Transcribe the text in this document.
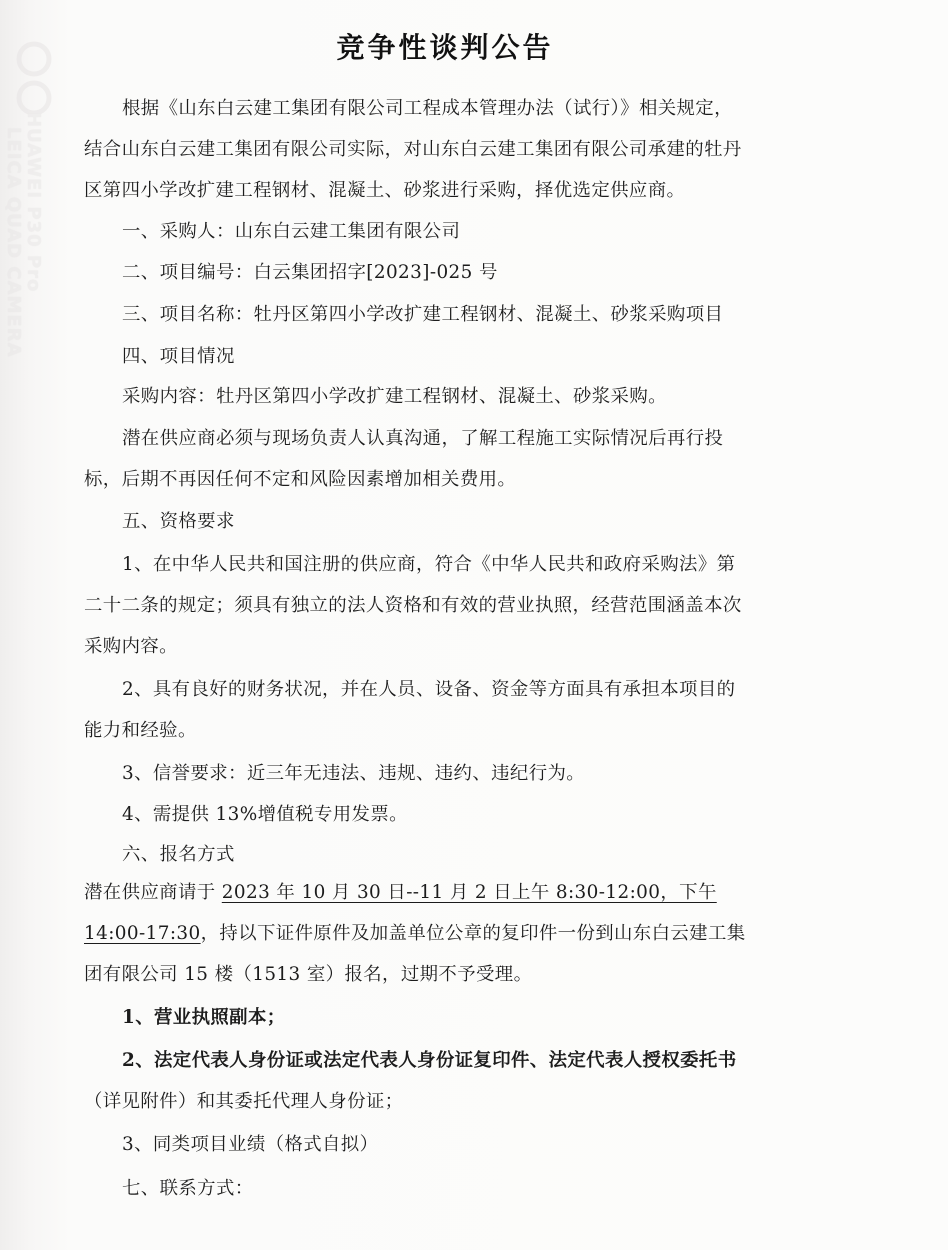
HUAWEI P30 Pro
LEICA QUAD CAMERA
竞争性谈判公告
根据《山东白云建工集团有限公司工程成本管理办法（试行）》相关规定，
结合山东白云建工集团有限公司实际，对山东白云建工集团有限公司承建的牡丹
区第四小学改扩建工程钢材、混凝土、砂浆进行采购，择优选定供应商。
一、采购人：山东白云建工集团有限公司
二、项目编号：白云集团招字[2023]-025 号
三、项目名称：牡丹区第四小学改扩建工程钢材、混凝土、砂浆采购项目
四、项目情况
采购内容：牡丹区第四小学改扩建工程钢材、混凝土、砂浆采购。
潜在供应商必须与现场负责人认真沟通，了解工程施工实际情况后再行投
标，后期不再因任何不定和风险因素增加相关费用。
五、资格要求
1、在中华人民共和国注册的供应商，符合《中华人民共和政府采购法》第
二十二条的规定；须具有独立的法人资格和有效的营业执照，经营范围涵盖本次
采购内容。
2、具有良好的财务状况，并在人员、设备、资金等方面具有承担本项目的
能力和经验。
3、信誉要求：近三年无违法、违规、违约、违纪行为。
4、需提供 13%增值税专用发票。
六、报名方式
潜在供应商请于 2023 年 10 月 30 日--11 月 2 日上午 8:30-12:00，下午
14:00-17:30，持以下证件原件及加盖单位公章的复印件一份到山东白云建工集
团有限公司 15 楼（1513 室）报名，过期不予受理。
1、营业执照副本；
2、法定代表人身份证或法定代表人身份证复印件、法定代表人授权委托书
（详见附件）和其委托代理人身份证；
3、同类项目业绩（格式自拟）
七、联系方式：
